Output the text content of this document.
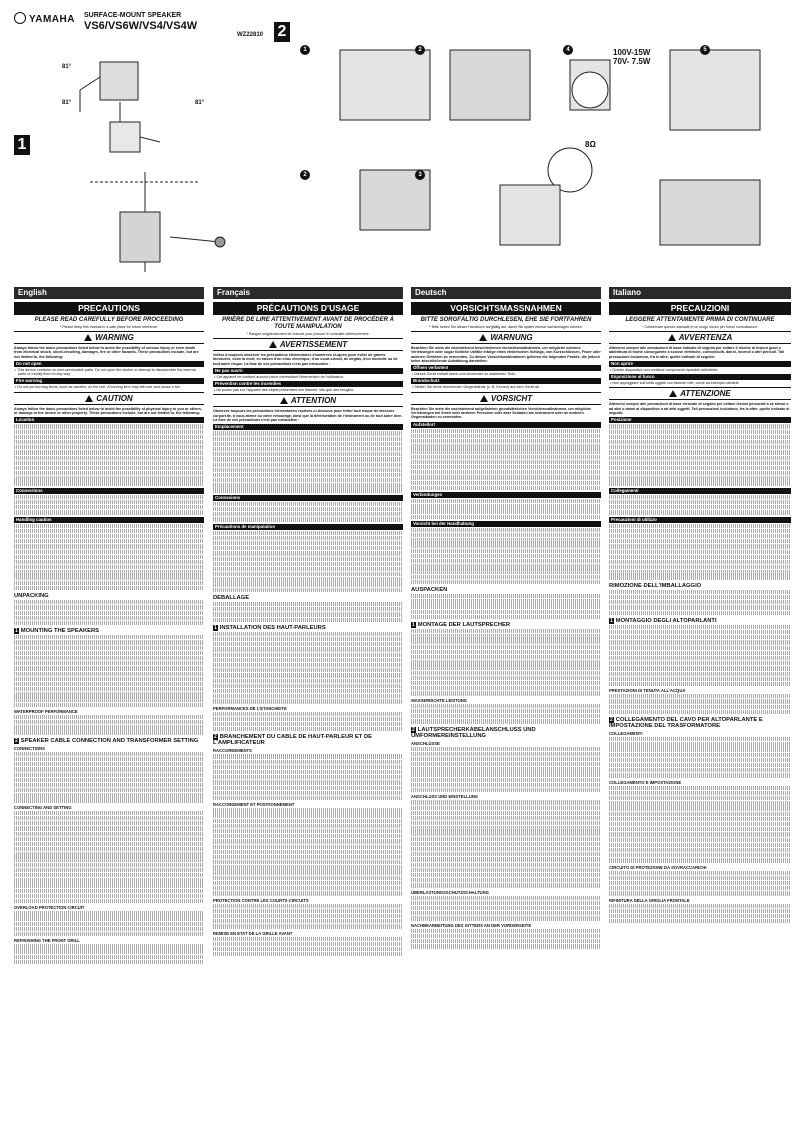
YAMAHA SURFACE-MOUNT SPEAKER
VS6/VS6W/VS4/VS4W
WZ22810
1
81°
81°	81°
2
1	2	4	5
2	3
100V-15W
70V- 7.5W
8Ω
English	Français	Deutsch	Italiano
PRECAUTIONS
PLEASE READ CAREFULLY BEFORE PROCEEDING
* Please keep this manual in a safe place for future reference.
WARNING
Always follow the basic precautions listed below to avoid the possibility of serious injury or even death from electrical shock, short-circuiting, damages, fire or other hazards. These precautions include, but are not limited to, the following:
Do not open
• This device contains no user-serviceable parts. Do not open the device or attempt to disassemble the internal parts or modify them in any way.
Fire warning
• Do not put burning items, such as candles, on the unit. A burning item may fall over and cause a fire.
CAUTION
Always follow the basic precautions listed below to avoid the possibility of physical injury to you or others, or damage to the device or other property. These precautions include, but are not limited to, the following:
Location
Connections
Handling caution
UNPACKING
1 MOUNTING THE SPEAKERS
WATERPROOF PERFORMANCE
2 SPEAKER CABLE CONNECTION AND TRANSFORMER SETTING
CONNECTIONS
CONNECTING AND SETTING
OVERLOAD PROTECTION CIRCUIT
REFINISHING THE FRONT GRILL
PRÉCAUTIONS D'USAGE
PRIÈRE DE LIRE ATTENTIVEMENT AVANT DE PROCÉDER À TOUTE MANIPULATION
* Rangez soigneusement ce manuel pour pouvoir le consulter ultérieurement.
AVERTISSEMENT
Veillez à toujours observer les précautions élémentaires énumérées ci-après pour éviter de graves blessures, voire la mort, en raison d'un choc électrique, d'un court-circuit, de dégâts, d'un incendie ou de tout autre risque. La liste de ces précautions n'est pas exhaustive :
Ne pas ouvrir
• Cet appareil ne contient aucune pièce nécessitant l'intervention de l'utilisateur.
Prévention contre les incendies
• Ne posez pas sur l'appareil des objets présentant une flamme, tels que des bougies.
ATTENTION
Observez toujours les précautions élémentaires reprises ci-dessous pour éviter tout risque de blessure corporelle, à vous-même ou votre entourage, ainsi que la détérioration de l'instrument ou de tout autre bien. La liste de ces précautions n'est pas exhaustive :
Emplacement
Connexions
Précautions de manipulation
DEBALLAGE
1 INSTALLATION DES HAUT-PARLEURS
PERFORMANCES DE L'ETANCHEITE
2 BRANCHEMENT DU CABLE DE HAUT-PARLEUR ET DE L'AMPLIFICATEUR
RACCORDEMENTS
RACCORDEMENT ET POSITIONNEMENT
PROTECTION CONTRE LES COURTS-CIRCUITS
REMISE EN ETAT DE LA GRILLE AVANT
VORSICHTSMASSNAHMEN
BITTE SORGFÄLTIG DURCHLESEN, EHE SIE FORTFAHREN
* Bitte heben Sie dieses Handbuch sorgfältig auf, damit Sie später einmal nachschlagen können.
WARNUNG
Beachten Sie stets die nachstehend beschriebenen Vorsichtsmaßnahmen, um mögliche schwere Verletzungen oder sogar tödliche Unfälle infolge eines elektrischen Schlags, von Kurzschlüssen, Feuer oder anderen Gefahren zu vermeiden. Zu diesen Vorsichtsmaßnahmen gehören die folgenden Punkte, die jedoch keine abschließende Aufzählung darstellen:
Öffnen verboten!
• Dieses Gerät enthält keine vom Anwender zu wartenden Teile.
Brandschutz
• Stellen Sie keine brennenden Gegenstände (z. B. Kerzen) auf dem Gerät ab.
VORSICHT
Beachten Sie stets die nachstehend aufgelisteten grundsätzlichen Vorsichtsmaßnahmen, um mögliche Verletzungen bei Ihnen oder anderen Personen oder aber Schäden am Instrument oder an anderen Gegenständen zu vermeiden.
Aufstellort
Verbindungen
Vorsicht bei der Handhabung
AUSPACKEN
1 MONTAGE DER LAUTSPRECHER
WASSERDICHTE LEISTUNG
2 LAUTSPRECHERKABELANSCHLUSS UND UMFORMEREINSTELLUNG
ANSCHLÜSSE
ANSCHLUSS UND EINSTELLUNG
ÜBERLASTUNGSSCHUTZSCHALTUNG
NACHBEARBEITUNG DES GITTERS AN DER VORDERSEITE
PRECAUZIONI
LEGGERE ATTENTAMENTE PRIMA DI CONTINUARE
* Conservare questo manuale in un luogo sicuro per future consultazioni.
AVVERTENZA
Attenersi sempre alle precauzioni di base indicate di seguito per evitare il rischio di lesioni gravi o addirittura di morte conseguente a scosse elettriche, cortocircuiti, danni, incendi o altri pericoli. Tali precauzioni includono, fra le altre, quelle indicate di seguito:
Non aprire
• Questo dispositivo non contiene componenti riparabili dall'utente.
Esposizione al fuoco
• Non appoggiare sull'unità oggetti con fiamme vive, come ad esempio candele.
ATTENZIONE
Attenersi sempre alle precauzioni di base elencate di seguito per evitare lesioni personali a sé stessi o ad altri o danni al dispositivo o ad altri oggetti. Tali precauzioni includono, fra le altre, quelle indicate di seguito:
Posizione
Collegamenti
Precauzioni di utilizzo
RIMOZIONE DELL'IMBALLAGGIO
1 MONTAGGIO DEGLI ALTOPARLANTI
PRESTAZIONI DI TENUTA ALL'ACQUA
2 COLLEGAMENTO DEL CAVO PER ALTOPARLANTE E IMPOSTAZIONE DEL TRASFORMATORE
COLLEGAMENTI
COLLEGAMENTO E IMPOSTAZIONE
CIRCUITO DI PROTEZIONE DA SOVRACCARICHI
RIFINITURA DELLA GRIGLIA FRONTALE
